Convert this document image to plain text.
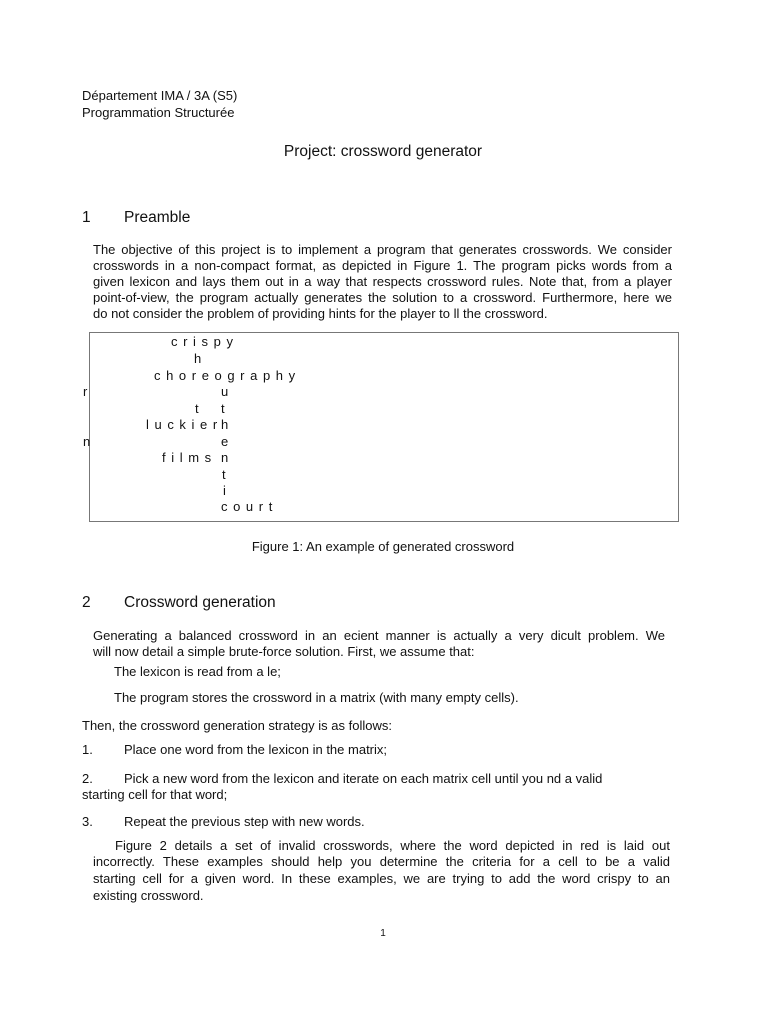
Département IMA / 3A (S5)
Programmation Structurée
Project: crossword generator
1 Preamble
The objective of this project is to implement a program that generates crosswords. We consider
crosswords in a non-compact format, as depicted in Figure 1. The program picks words from a
given lexicon and lays them out in a way that respects crossword rules. Note that, from a player
point-of-view, the program actually generates the solution to a crossword. Furthermore, here we
do not consider the problem of providing hints for the player to ll the crossword.
crispy
h
choreography
u
t t
luckier
h
e
films n
t
i
court
r
n
Figure 1: An example of generated crossword
2 Crossword generation
Generating a balanced crossword in an ecient manner is actually a very dicult problem. We
will now detail a simple brute-force solution. First, we assume that:
The lexicon is read from a le;
The program stores the crossword in a matrix (with many empty cells).
Then, the crossword generation strategy is as follows:
1. Place one word from the lexicon in the matrix;
2. Pick a new word from the lexicon and iterate on each matrix cell until you nd a valid
starting cell for that word;
3. Repeat the previous step with new words.
Figure 2 details a set of invalid crosswords, where the word depicted in red is laid out
incorrectly. These examples should help you determine the criteria for a cell to be a valid
starting cell for a given word. In these examples, we are trying to add the word crispy to an
existing crossword.
1
